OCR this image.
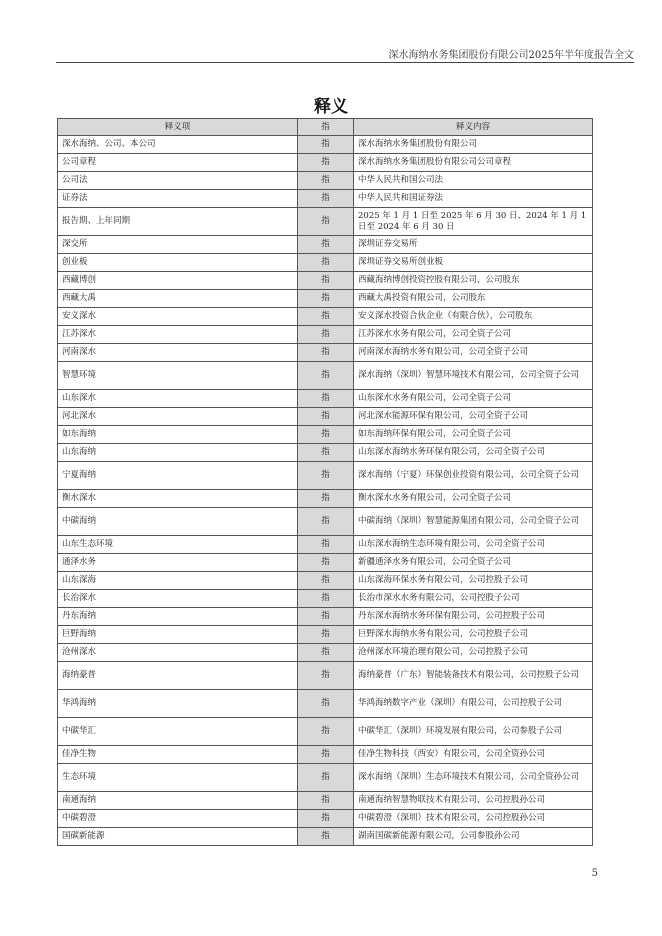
深水海纳水务集团股份有限公司2025年半年度报告全文
释义
释义项	指	释义内容
深水海纳、公司、本公司	指	深水海纳水务集团股份有限公司
公司章程	指	深水海纳水务集团股份有限公司公司章程
公司法	指	中华人民共和国公司法
证券法	指	中华人民共和国证券法
报告期、上年同期	指	2025 年 1 月 1 日至 2025 年 6 月 30 日、2024 年 1 月 1 日至 2024 年 6 月 30 日
深交所	指	深圳证券交易所
创业板	指	深圳证券交易所创业板
西藏博创	指	西藏海纳博创投资控股有限公司，公司股东
西藏大禹	指	西藏大禹投资有限公司，公司股东
安义深水	指	安义深水投资合伙企业（有限合伙），公司股东
江苏深水	指	江苏深水水务有限公司，公司全资子公司
河南深水	指	河南深水海纳水务有限公司，公司全资子公司
智慧环境	指	深水海纳（深圳）智慧环境技术有限公司，公司全资子公司
山东深水	指	山东深水水务有限公司，公司全资子公司
河北深水	指	河北深水能源环保有限公司，公司全资子公司
如东海纳	指	如东海纳环保有限公司，公司全资子公司
山东海纳	指	山东深水海纳水务环保有限公司，公司全资子公司
宁夏海纳	指	深水海纳（宁夏）环保创业投资有限公司，公司全资子公司
衡水深水	指	衡水深水水务有限公司，公司全资子公司
中碳海纳	指	中碳海纳（深圳）智慧能源集团有限公司，公司全资子公司
山东生态环境	指	山东深水海纳生态环境有限公司，公司全资子公司
通泽水务	指	新疆通泽水务有限公司，公司全资子公司
山东深海	指	山东深海环保水务有限公司，公司控股子公司
长治深水	指	长治市深水水务有限公司，公司控股子公司
丹东海纳	指	丹东深水海纳水务环保有限公司，公司控股子公司
巨野海纳	指	巨野深水海纳水务有限公司，公司控股子公司
沧州深水	指	沧州深水环境治理有限公司，公司控股子公司
海纳豪普	指	海纳豪普（广东）智能装备技术有限公司，公司控股子公司
华鸿海纳	指	华鸿海纳数字产业（深圳）有限公司，公司控股子公司
中碳华汇	指	中碳华汇（深圳）环境发展有限公司，公司参股子公司
佳净生物	指	佳净生物科技（西安）有限公司，公司全资孙公司
生态环境	指	深水海纳（深圳）生态环境技术有限公司，公司全资孙公司
南通海纳	指	南通海纳智慧物联技术有限公司，公司控股孙公司
中碳碧澄	指	中碳碧澄（深圳）技术有限公司，公司控股孙公司
国碳新能源	指	湖南国碳新能源有限公司，公司参股孙公司
5
